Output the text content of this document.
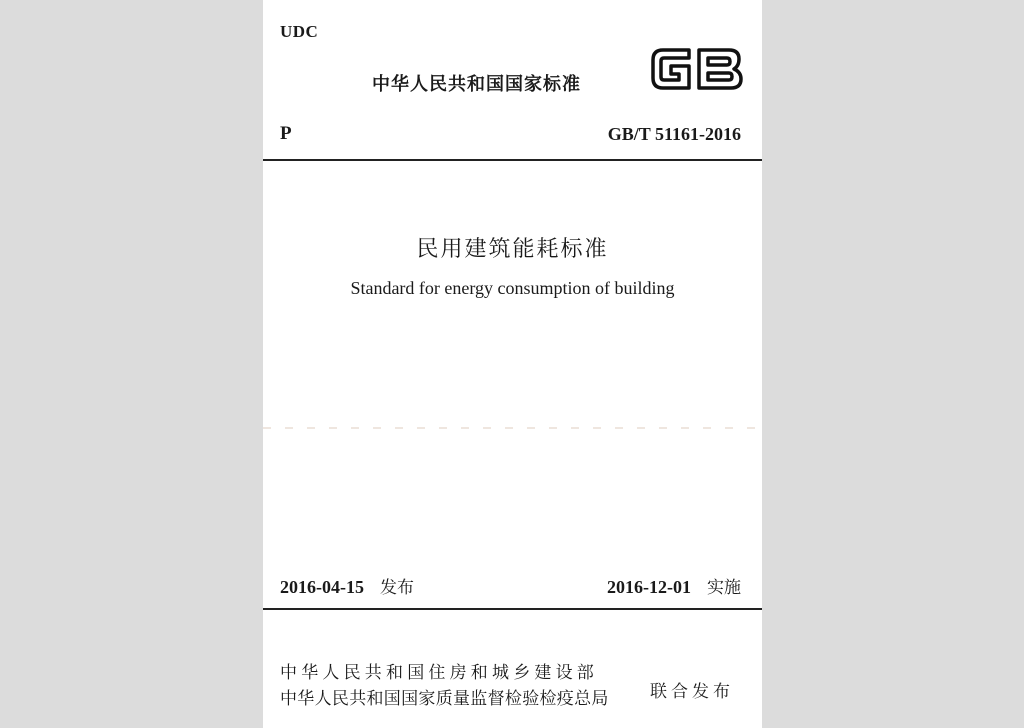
UDC
中华人民共和国国家标准
P	GB/T 51161-2016
民用建筑能耗标准
Standard for energy consumption of building
2016-04-15 发布	2016-12-01 实施
中华人民共和国住房和城乡建设部
中华人民共和国国家质量监督检验检疫总局 联合发布
